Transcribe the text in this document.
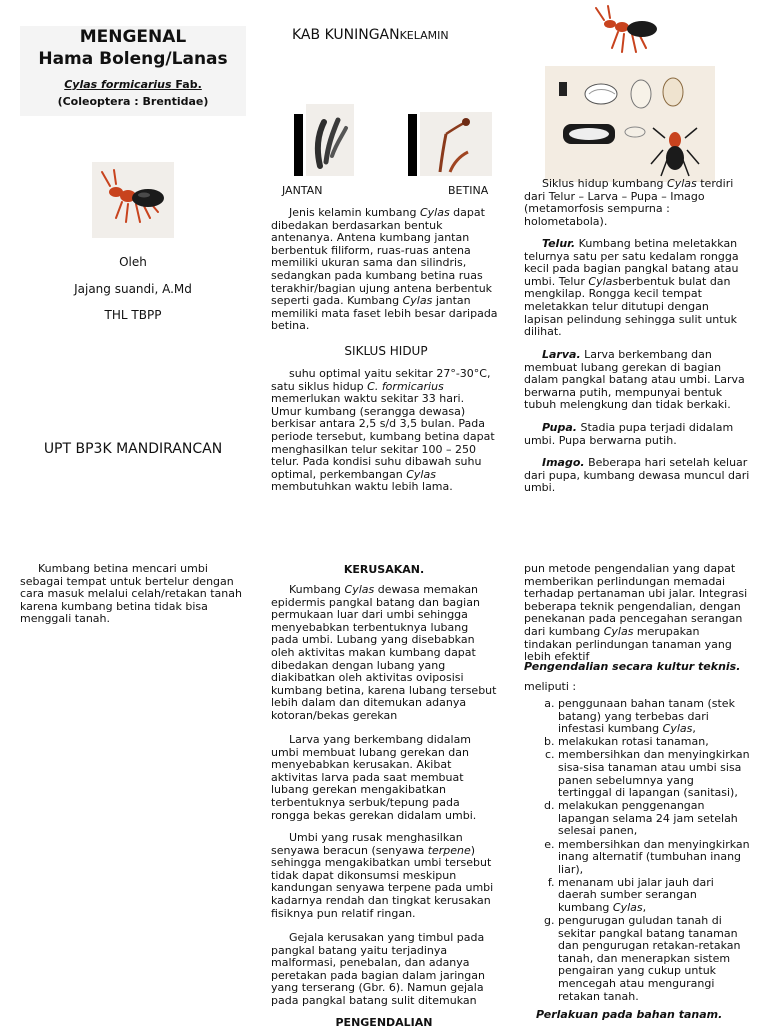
MENGENAL
Hama Boleng/Lanas
Cylas formicarius Fab.
(Coleoptera : Brentidae)
Oleh
Jajang suandi, A.Md
THL TBPP
UPT BP3K MANDIRANCAN
KAB KUNINGANKELAMIN
JANTAN	BETINA
Jenis kelamin kumbang Cylas dapat dibedakan berdasarkan bentuk antenanya. Antena kumbang jantan berbentuk filiform, ruas-ruas antena memiliki ukuran sama dan silindris, sedangkan pada kumbang betina ruas terakhir/bagian ujung antena berbentuk seperti gada. Kumbang Cylas jantan memiliki mata faset lebih besar daripada betina.
SIKLUS HIDUP
suhu optimal yaitu sekitar 27°-30°C, satu siklus hidup C. formicarius memerlukan waktu sekitar 33 hari. Umur kumbang (serangga dewasa) berkisar antara 2,5 s/d 3,5 bulan. Pada periode tersebut, kumbang betina dapat menghasilkan telur sekitar 100 – 250 telur. Pada kondisi suhu dibawah suhu optimal, perkembangan Cylas membutuhkan waktu lebih lama.
Siklus hidup kumbang Cylas terdiri dari Telur – Larva – Pupa – Imago (metamorfosis sempurna : holometabola).
Telur. Kumbang betina meletakkan telurnya satu per satu kedalam rongga kecil pada bagian pangkal batang atau umbi. Telur Cylasberbentuk bulat dan mengkilap. Rongga kecil tempat meletakkan telur ditutupi dengan lapisan pelindung sehingga sulit untuk dilihat.
Larva. Larva berkembang dan membuat lubang gerekan di bagian dalam pangkal batang atau umbi. Larva berwarna putih, mempunyai bentuk tubuh melengkung dan tidak berkaki.
Pupa. Stadia pupa terjadi didalam umbi. Pupa berwarna putih.
Imago. Beberapa hari setelah keluar dari pupa, kumbang dewasa muncul dari umbi.
Kumbang betina mencari umbi sebagai tempat untuk bertelur dengan cara masuk melalui celah/retakan tanah karena kumbang betina tidak bisa menggali tanah.
KERUSAKAN.
Kumbang Cylas dewasa memakan epidermis pangkal batang dan bagian permukaan luar dari umbi sehingga menyebabkan terbentuknya lubang pada umbi. Lubang yang disebabkan oleh aktivitas makan kumbang dapat dibedakan dengan lubang yang diakibatkan oleh aktivitas oviposisi kumbang betina, karena lubang tersebut lebih dalam dan ditemukan adanya kotoran/bekas gerekan
Larva yang berkembang didalam umbi membuat lubang gerekan dan menyebabkan kerusakan. Akibat aktivitas larva pada saat membuat lubang gerekan mengakibatkan terbentuknya serbuk/tepung pada rongga bekas gerekan didalam umbi.
Umbi yang rusak menghasilkan senyawa beracun (senyawa terpene) sehingga mengakibatkan umbi tersebut tidak dapat dikonsumsi meskipun kandungan senyawa terpene pada umbi kadarnya rendah dan tingkat kerusakan fisiknya pun relatif ringan.
Gejala kerusakan yang timbul pada pangkal batang yaitu terjadinya malformasi, penebalan, dan adanya peretakan pada bagian dalam jaringan yang terserang (Gbr. 6). Namun gejala pada pangkal batang sulit ditemukan
PENGENDALIAN
pun metode pengendalian yang dapat memberikan perlindungan memadai terhadap pertanaman ubi jalar. Integrasi beberapa teknik pengendalian, dengan penekanan pada pencegahan serangan dari kumbang Cylas merupakan tindakan perlindungan tanaman yang lebih efektif
Pengendalian secara kultur teknis.
meliputi :
a. penggunaan bahan tanam (stek batang) yang terbebas dari infestasi kumbang Cylas,
b. melakukan rotasi tanaman,
c. membersihkan dan menyingkirkan sisa-sisa tanaman atau umbi sisa panen sebelumnya yang tertinggal di lapangan (sanitasi),
d. melakukan penggenangan lapangan selama 24 jam setelah selesai panen,
e. membersihkan dan menyingkirkan inang alternatif (tumbuhan inang liar),
f. menanam ubi jalar jauh dari daerah sumber serangan kumbang Cylas,
g. pengurugan guludan tanah di sekitar pangkal batang tanaman dan pengurugan retakan-retakan tanah, dan menerapkan sistem pengairan yang cukup untuk mencegah atau mengurangi retakan tanah.
Perlakuan pada bahan tanam.
